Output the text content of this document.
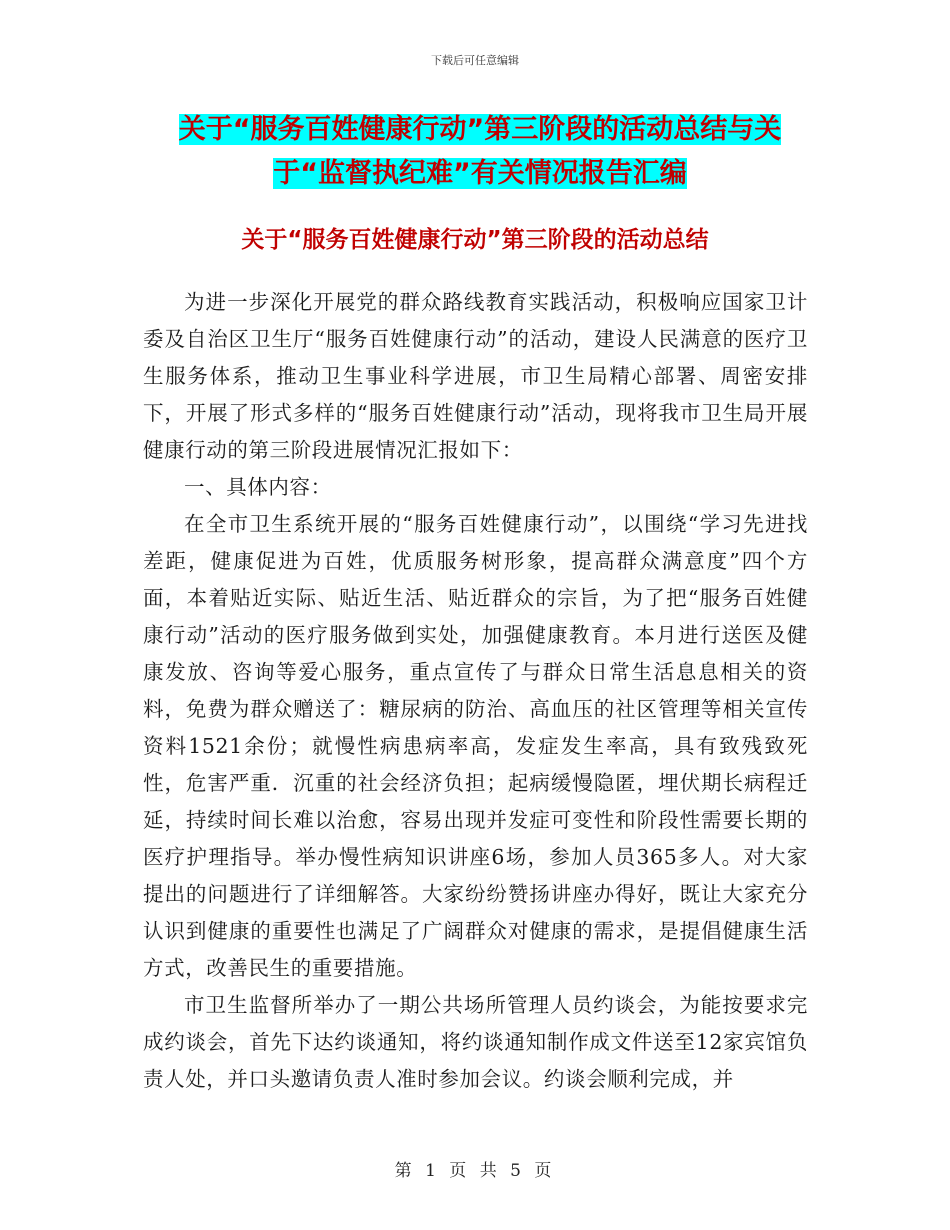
下载后可任意编辑
关于“服务百姓健康行动”第三阶段的活动总结与关
于“监督执纪难”有关情况报告汇编
关于“服务百姓健康行动”第三阶段的活动总结

为进一步深化开展党的群众路线教育实践活动，积极响应国家卫计委及自治区卫生厅“服务百姓健康行动”的活动，建设人民满意的医疗卫生服务体系，推动卫生事业科学进展，市卫生局精心部署、周密安排下，开展了形式多样的“服务百姓健康行动”活动，现将我市卫生局开展健康行动的第三阶段进展情况汇报如下：

一、具体内容：

在全市卫生系统开展的“服务百姓健康行动”，以围绕“学习先进找差距，健康促进为百姓，优质服务树形象，提高群众满意度”四个方面，本着贴近实际、贴近生活、贴近群众的宗旨，为了把“服务百姓健康行动”活动的医疗服务做到实处，加强健康教育。本月进行送医及健康发放、咨询等爱心服务，重点宣传了与群众日常生活息息相关的资料，免费为群众赠送了：糖尿病的防治、高血压的社区管理等相关宣传资料1521余份；就慢性病患病率高，发症发生率高，具有致残致死性，危害严重．沉重的社会经济负担；起病缓慢隐匿，埋伏期长病程迁延，持续时间长难以治愈，容易出现并发症可变性和阶段性需要长期的医疗护理指导。举办慢性病知识讲座6场，参加人员365多人。对大家提出的问题进行了详细解答。大家纷纷赞扬讲座办得好，既让大家充分认识到健康的重要性也满足了广阔群众对健康的需求，是提倡健康生活方式，改善民生的重要措施。

市卫生监督所举办了一期公共场所管理人员约谈会，为能按要求完成约谈会，首先下达约谈通知，将约谈通知制作成文件送至12家宾馆负责人处，并口头邀请负责人准时参加会议。约谈会顺利完成，并

第 1 页 共 5 页
